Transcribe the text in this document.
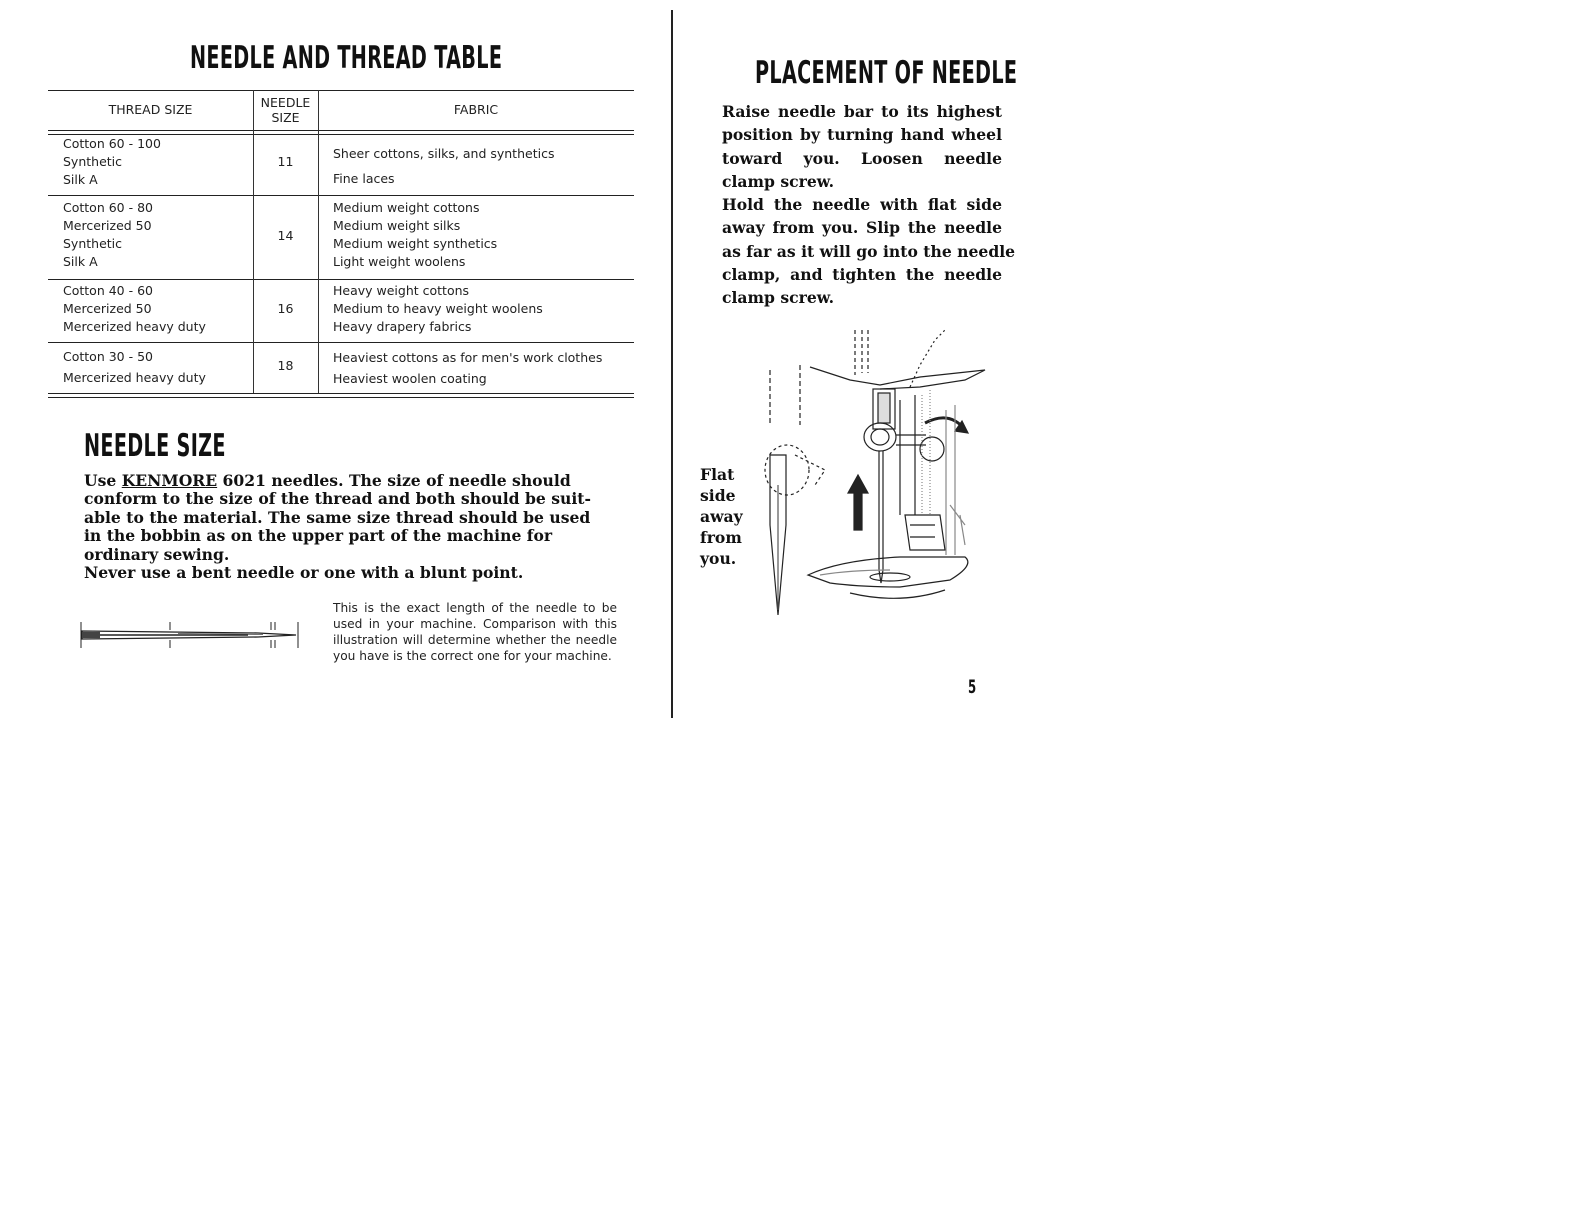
NEEDLE AND THREAD TABLE
THREAD SIZE	NEEDLE
SIZE
FABRIC
Cotton 60 - 100
Synthetic
Silk A
11
Sheer cottons, silks, and synthetics
Fine laces
Cotton 60 - 80
Mercerized 50
Synthetic
Silk A
14
Medium weight cottons
Medium weight silks
Medium weight synthetics
Light weight woolens
Cotton 40 - 60
Mercerized 50
Mercerized heavy duty
16
Heavy weight cottons
Medium to heavy weight woolens
Heavy drapery fabrics
Cotton 30 - 50
Mercerized heavy duty
18
Heaviest cottons as for men's work clothes
Heaviest woolen coating
NEEDLE SIZE
Use KENMORE 6021 needles. The size of needle should
conform to the size of the thread and both should be suit-
able to the material. The same size thread should be used
in the bobbin as on the upper part of the machine for
ordinary sewing.
Never use a bent needle or one with a blunt point.
This is the exact length of the needle to be used in your machine. Comparison with this illustration will determine whether the needle you have is the correct one for your machine.
PLACEMENT OF NEEDLE
Raise needle bar to its highest
position by turning hand wheel
toward you. Loosen needle
clamp screw.
Hold the needle with flat side
away from you. Slip the needle
as far as it will go into the needle
clamp, and tighten the needle
clamp screw.
Flat
side
away
from
you.
5
